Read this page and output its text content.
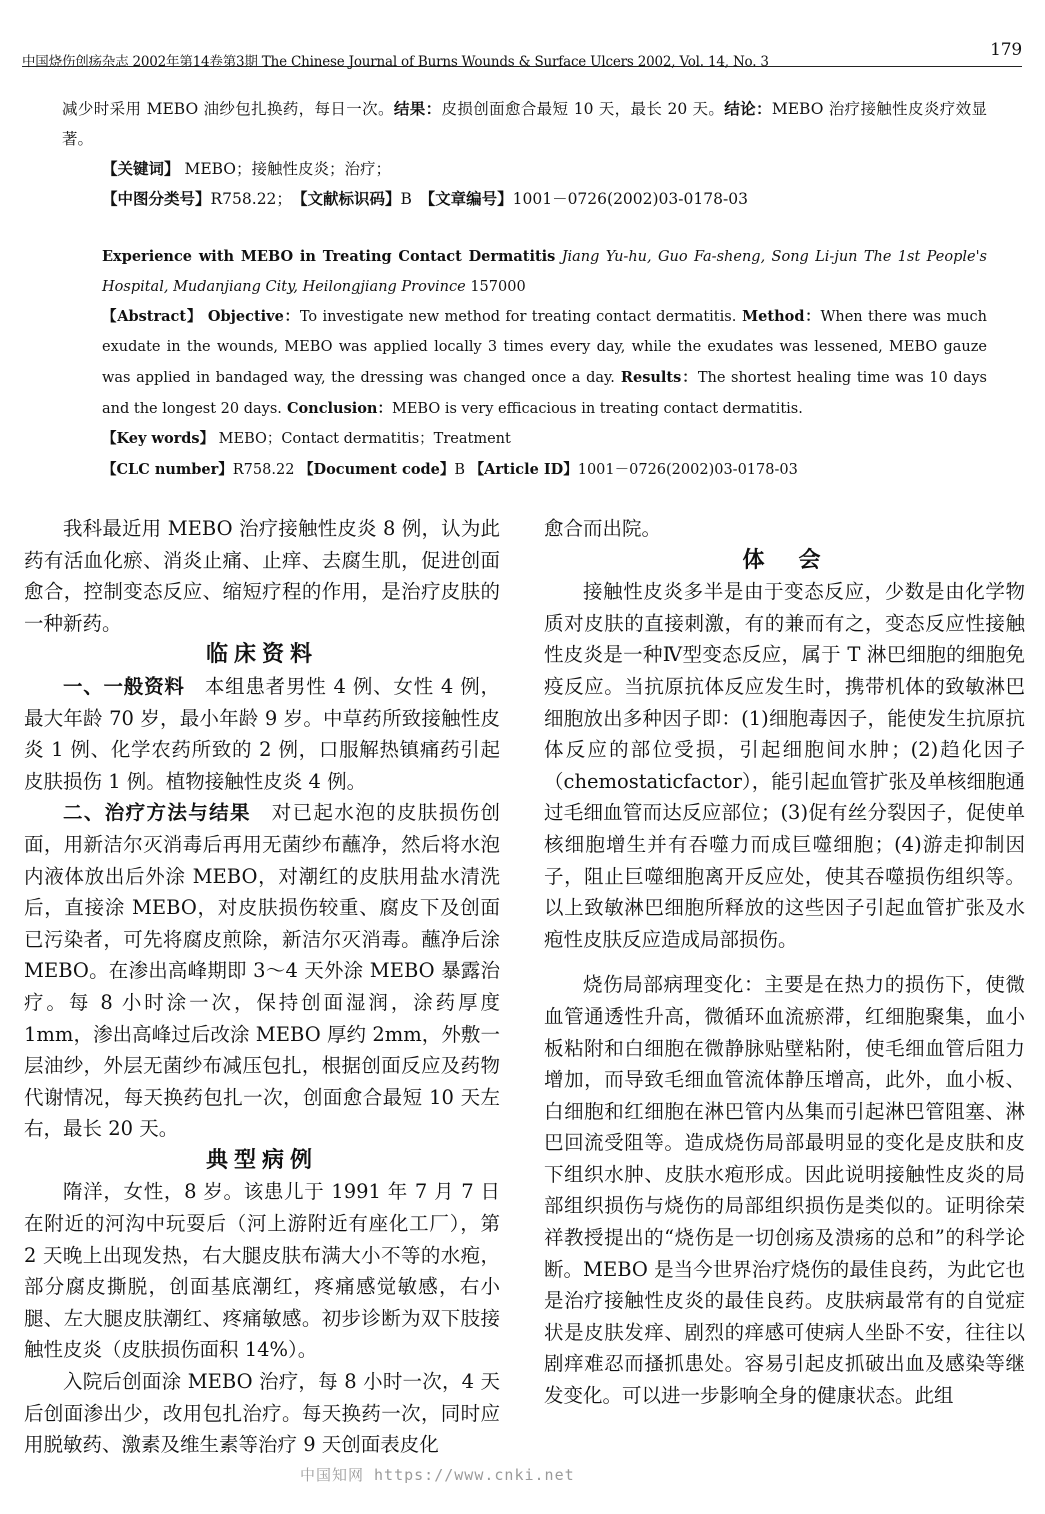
中国烧伤创疡杂志 2002年第14卷第3期 The Chinese Journal of Burns Wounds & Surface Ulcers 2002, Vol. 14, No. 3
179

减少时采用 MEBO 油纱包扎换药，每日一次。结果：皮损创面愈合最短 10 天，最长 20 天。结论：MEBO 治疗接触性皮炎疗效显著。

【关键词】 MEBO；接触性皮炎；治疗；

【中图分类号】R758.22；　 【文献标识码】B　 【文章编号】1001－0726(2002)03-0178-03

Experience with MEBO in Treating Contact Dermatitis Jiang Yu-hu, Guo Fa-sheng, Song Li-jun The 1st People's Hospital, Mudanjiang City, Heilongjiang Province 157000

【Abstract】 Objective：To investigate new method for treating contact dermatitis. Method：When there was much exudate in the wounds, MEBO was applied locally 3 times every day, while the exudates was lessened, MEBO gauze was applied in bandaged way, the dressing was changed once a day. Results：The shortest healing time was 10 days and the longest 20 days. Conclusion：MEBO is very efficacious in treating contact dermatitis.

【Key words】 MEBO；Contact dermatitis；Treatment

【CLC number】R758.22 【Document code】B 【Article ID】1001－0726(2002)03-0178-03

我科最近用 MEBO 治疗接触性皮炎 8 例，认为此药有活血化瘀、消炎止痛、止痒、去腐生肌，促进创面愈合，控制变态反应、缩短疗程的作用，是治疗皮肤的一种新药。

临床资料

一、一般资料　本组患者男性 4 例、女性 4 例，最大年龄 70 岁，最小年龄 9 岁。中草药所致接触性皮炎 1 例、化学农药所致的 2 例，口服解热镇痛药引起皮肤损伤 1 例。植物接触性皮炎 4 例。

二、治疗方法与结果　对已起水泡的皮肤损伤创面，用新洁尔灭消毒后再用无菌纱布蘸净，然后将水泡内液体放出后外涂 MEBO，对潮红的皮肤用盐水清洗后，直接涂 MEBO，对皮肤损伤较重、腐皮下及创面已污染者，可先将腐皮煎除，新洁尔灭消毒。蘸净后涂 MEBO。在渗出高峰期即 3～4 天外涂 MEBO 暴露治疗。每 8 小时涂一次，保持创面湿润，涂药厚度 1mm，渗出高峰过后改涂 MEBO 厚约 2mm，外敷一层油纱，外层无菌纱布减压包扎，根据创面反应及药物代谢情况，每天换药包扎一次，创面愈合最短 10 天左右，最长 20 天。

典型病例

隋洋，女性，8 岁。该患儿于 1991 年 7 月 7 日在附近的河沟中玩耍后（河上游附近有座化工厂），第 2 天晚上出现发热，右大腿皮肤布满大小不等的水疱，部分腐皮撕脱，创面基底潮红，疼痛感觉敏感，右小腿、左大腿皮肤潮红、疼痛敏感。初步诊断为双下肢接触性皮炎（皮肤损伤面积 14%）。

入院后创面涂 MEBO 治疗，每 8 小时一次，4 天后创面渗出少，改用包扎治疗。每天换药一次，同时应用脱敏药、激素及维生素等治疗 9 天创面表皮化

愈合而出院。

体　会

接触性皮炎多半是由于变态反应，少数是由化学物质对皮肤的直接刺激，有的兼而有之，变态反应性接触性皮炎是一种Ⅳ型变态反应，属于 T 淋巴细胞的细胞免疫反应。当抗原抗体反应发生时，携带机体的致敏淋巴细胞放出多种因子即：(1)细胞毒因子，能使发生抗原抗体反应的部位受损，引起细胞间水肿；(2)趋化因子（chemostaticfactor），能引起血管扩张及单核细胞通过毛细血管而达反应部位；(3)促有丝分裂因子，促使单核细胞增生并有吞噬力而成巨噬细胞；(4)游走抑制因子，阻止巨噬细胞离开反应处，使其吞噬损伤组织等。以上致敏淋巴细胞所释放的这些因子引起血管扩张及水疱性皮肤反应造成局部损伤。

烧伤局部病理变化：主要是在热力的损伤下，使微血管通透性升高，微循环血流瘀滞，红细胞聚集，血小板粘附和白细胞在微静脉贴壁粘附，使毛细血管后阻力增加，而导致毛细血管流体静压增高，此外，血小板、白细胞和红细胞在淋巴管内丛集而引起淋巴管阻塞、淋巴回流受阻等。造成烧伤局部最明显的变化是皮肤和皮下组织水肿、皮肤水疱形成。因此说明接触性皮炎的局部组织损伤与烧伤的局部组织损伤是类似的。证明徐荣祥教授提出的“烧伤是一切创疡及溃疡的总和”的科学论断。MEBO 是当今世界治疗烧伤的最佳良药，为此它也是治疗接触性皮炎的最佳良药。皮肤病最常有的自觉症状是皮肤发痒、剧烈的痒感可使病人坐卧不安，往往以剧痒难忍而搔抓患处。容易引起皮抓破出血及感染等继发变化。可以进一步影响全身的健康状态。此组

中国知网 https://www.cnki.net
